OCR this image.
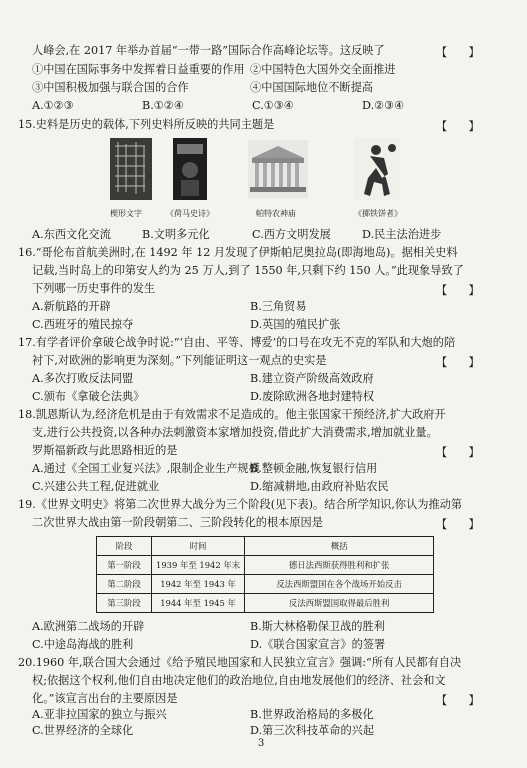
人峰会,在 2017 年举办首届“一带一路”国际合作高峰论坛等。这反映了	【      】
①中国在国际事务中发挥着日益重要的作用 ②中国特色大国外交全面推进
③中国积极加强与联合国的合作	④中国国际地位不断提高
A.①②③	B.①②④	C.①③④	D.②③④
15.史料是历史的载体,下列史料所反映的共同主题是	【      】
楔形文字	《荷马史诗》	帕特农神庙	《掷铁饼者》
A.东西文化交流	B.文明多元化	C.西方文明发展	D.民主法治进步
16.“哥伦布首航美洲时,在 1492 年 12 月发现了伊斯帕尼奥拉岛(即海地岛)。据相关史料
记载,当时岛上的印第安人约为 25 万人,到了 1550 年,只剩下约 150 人。”此现象导致了
下列哪一历史事件的发生	【      】
A.新航路的开辟	B.三角贸易
C.西班牙的殖民掠夺	D.英国的殖民扩张
17.有学者评价拿破仑战争时说:“‘自由、平等、博爱’的口号在攻无不克的军队和大炮的陪
衬下,对欧洲的影响更为深刻。”下列能证明这一观点的史实是	【      】
A.多次打败反法同盟	B.建立资产阶级高效政府
C.颁布《拿破仑法典》	D.废除欧洲各地封建特权
18.凯恩斯认为,经济危机是由于有效需求不足造成的。他主张国家干预经济,扩大政府开
支,进行公共投资,以各种办法刺激资本家增加投资,借此扩大消费需求,增加就业量。
罗斯福新政与此思路相近的是	【      】
A.通过《全国工业复兴法》,限制企业生产规模
B.整顿金融,恢复银行信用
C.兴建公共工程,促进就业	D.缩减耕地,由政府补贴农民
19.《世界文明史》将第二次世界大战分为三个阶段(见下表)。结合所学知识,你认为推动第
二次世界大战由第一阶段朝第二、三阶段转化的根本原因是	【      】
阶段	时间	概括
第一阶段	1939 年至 1942 年末	德日法西斯获得胜利和扩张
第二阶段	1942 年至 1943 年	反法西斯盟国在各个战场开始反击
第三阶段	1944 年至 1945 年	反法西斯盟国取得最后胜利
A.欧洲第二战场的开辟	B.斯大林格勒保卫战的胜利
C.中途岛海战的胜利	D.《联合国家宣言》的签署
20.1960 年,联合国大会通过《给予殖民地国家和人民独立宣言》强调:“所有人民都有自决
权;依据这个权利,他们自由地决定他们的政治地位,自由地发展他们的经济、社会和文
化。”该宣言出台的主要原因是	【      】
A.亚非拉国家的独立与振兴	B.世界政治格局的多极化
C.世界经济的全球化	D.第三次科技革命的兴起
3
